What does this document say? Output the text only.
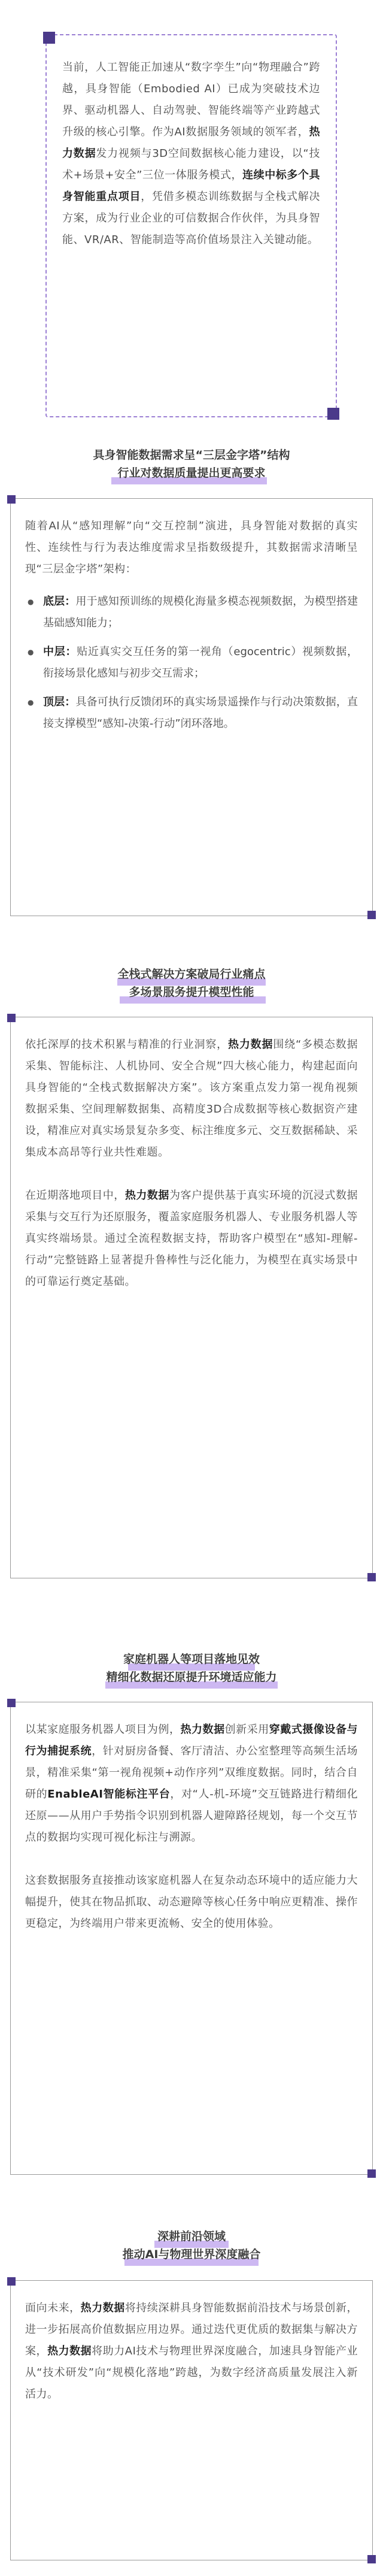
当前，人工智能正加速从“数字孪生”向“物理融合”跨越，具身智能（Embodied AI）已成为突破技术边界、驱动机器人、自动驾驶、智能终端等产业跨越式升级的核心引擎。作为AI数据服务领域的领军者，热力数据发力视频与3D空间数据核心能力建设，以“技术+场景+安全”三位一体服务模式，连续中标多个具身智能重点项目，凭借多模态训练数据与全栈式解决方案，成为行业企业的可信数据合作伙伴，为具身智能、VR/AR、智能制造等高价值场景注入关键动能。

具身智能数据需求呈“三层金字塔”结构
行业对数据质量提出更高要求

随着AI从“感知理解”向“交互控制”演进，具身智能对数据的真实性、连续性与行为表达维度需求呈指数级提升，其数据需求清晰呈现“三层金字塔”架构：

● 底层：用于感知预训练的规模化海量多模态视频数据，为模型搭建基础感知能力；
● 中层：贴近真实交互任务的第一视角（egocentric）视频数据，衔接场景化感知与初步交互需求；
● 顶层：具备可执行反馈闭环的真实场景遥操作与行动决策数据，直接支撑模型“感知-决策-行动”闭环落地。
全栈式解决方案破局行业痛点
多场景服务提升模型性能

依托深厚的技术积累与精准的行业洞察，热力数据围绕“多模态数据采集、智能标注、人机协同、安全合规”四大核心能力，构建起面向具身智能的“全栈式数据解决方案”。该方案重点发力第一视角视频数据采集、空间理解数据集、高精度3D合成数据等核心数据资产建设，精准应对真实场景复杂多变、标注维度多元、交互数据稀缺、采集成本高昂等行业共性难题。

在近期落地项目中，热力数据为客户提供基于真实环境的沉浸式数据采集与交互行为还原服务，覆盖家庭服务机器人、专业服务机器人等真实终端场景。通过全流程数据支持，帮助客户模型在“感知-理解-行动”完整链路上显著提升鲁棒性与泛化能力，为模型在真实场景中的可靠运行奠定基础。

家庭机器人等项目落地见效
精细化数据还原提升环境适应能力

以某家庭服务机器人项目为例，热力数据创新采用穿戴式摄像设备与行为捕捉系统，针对厨房备餐、客厅清洁、办公室整理等高频生活场景，精准采集“第一视角视频+动作序列”双维度数据。同时，结合自研的EnableAI智能标注平台，对“人-机-环境”交互链路进行精细化还原——从用户手势指令识别到机器人避障路径规划，每一个交互节点的数据均实现可视化标注与溯源。

这套数据服务直接推动该家庭机器人在复杂动态环境中的适应能力大幅提升，使其在物品抓取、动态避障等核心任务中响应更精准、操作更稳定，为终端用户带来更流畅、安全的使用体验。

深耕前沿领域
推动AI与物理世界深度融合

面向未来，热力数据将持续深耕具身智能数据前沿技术与场景创新，进一步拓展高价值数据应用边界。通过迭代更优质的数据集与解决方案，热力数据将助力AI技术与物理世界深度融合，加速具身智能产业从“技术研发”向“规模化落地”跨越，为数字经济高质量发展注入新活力。
